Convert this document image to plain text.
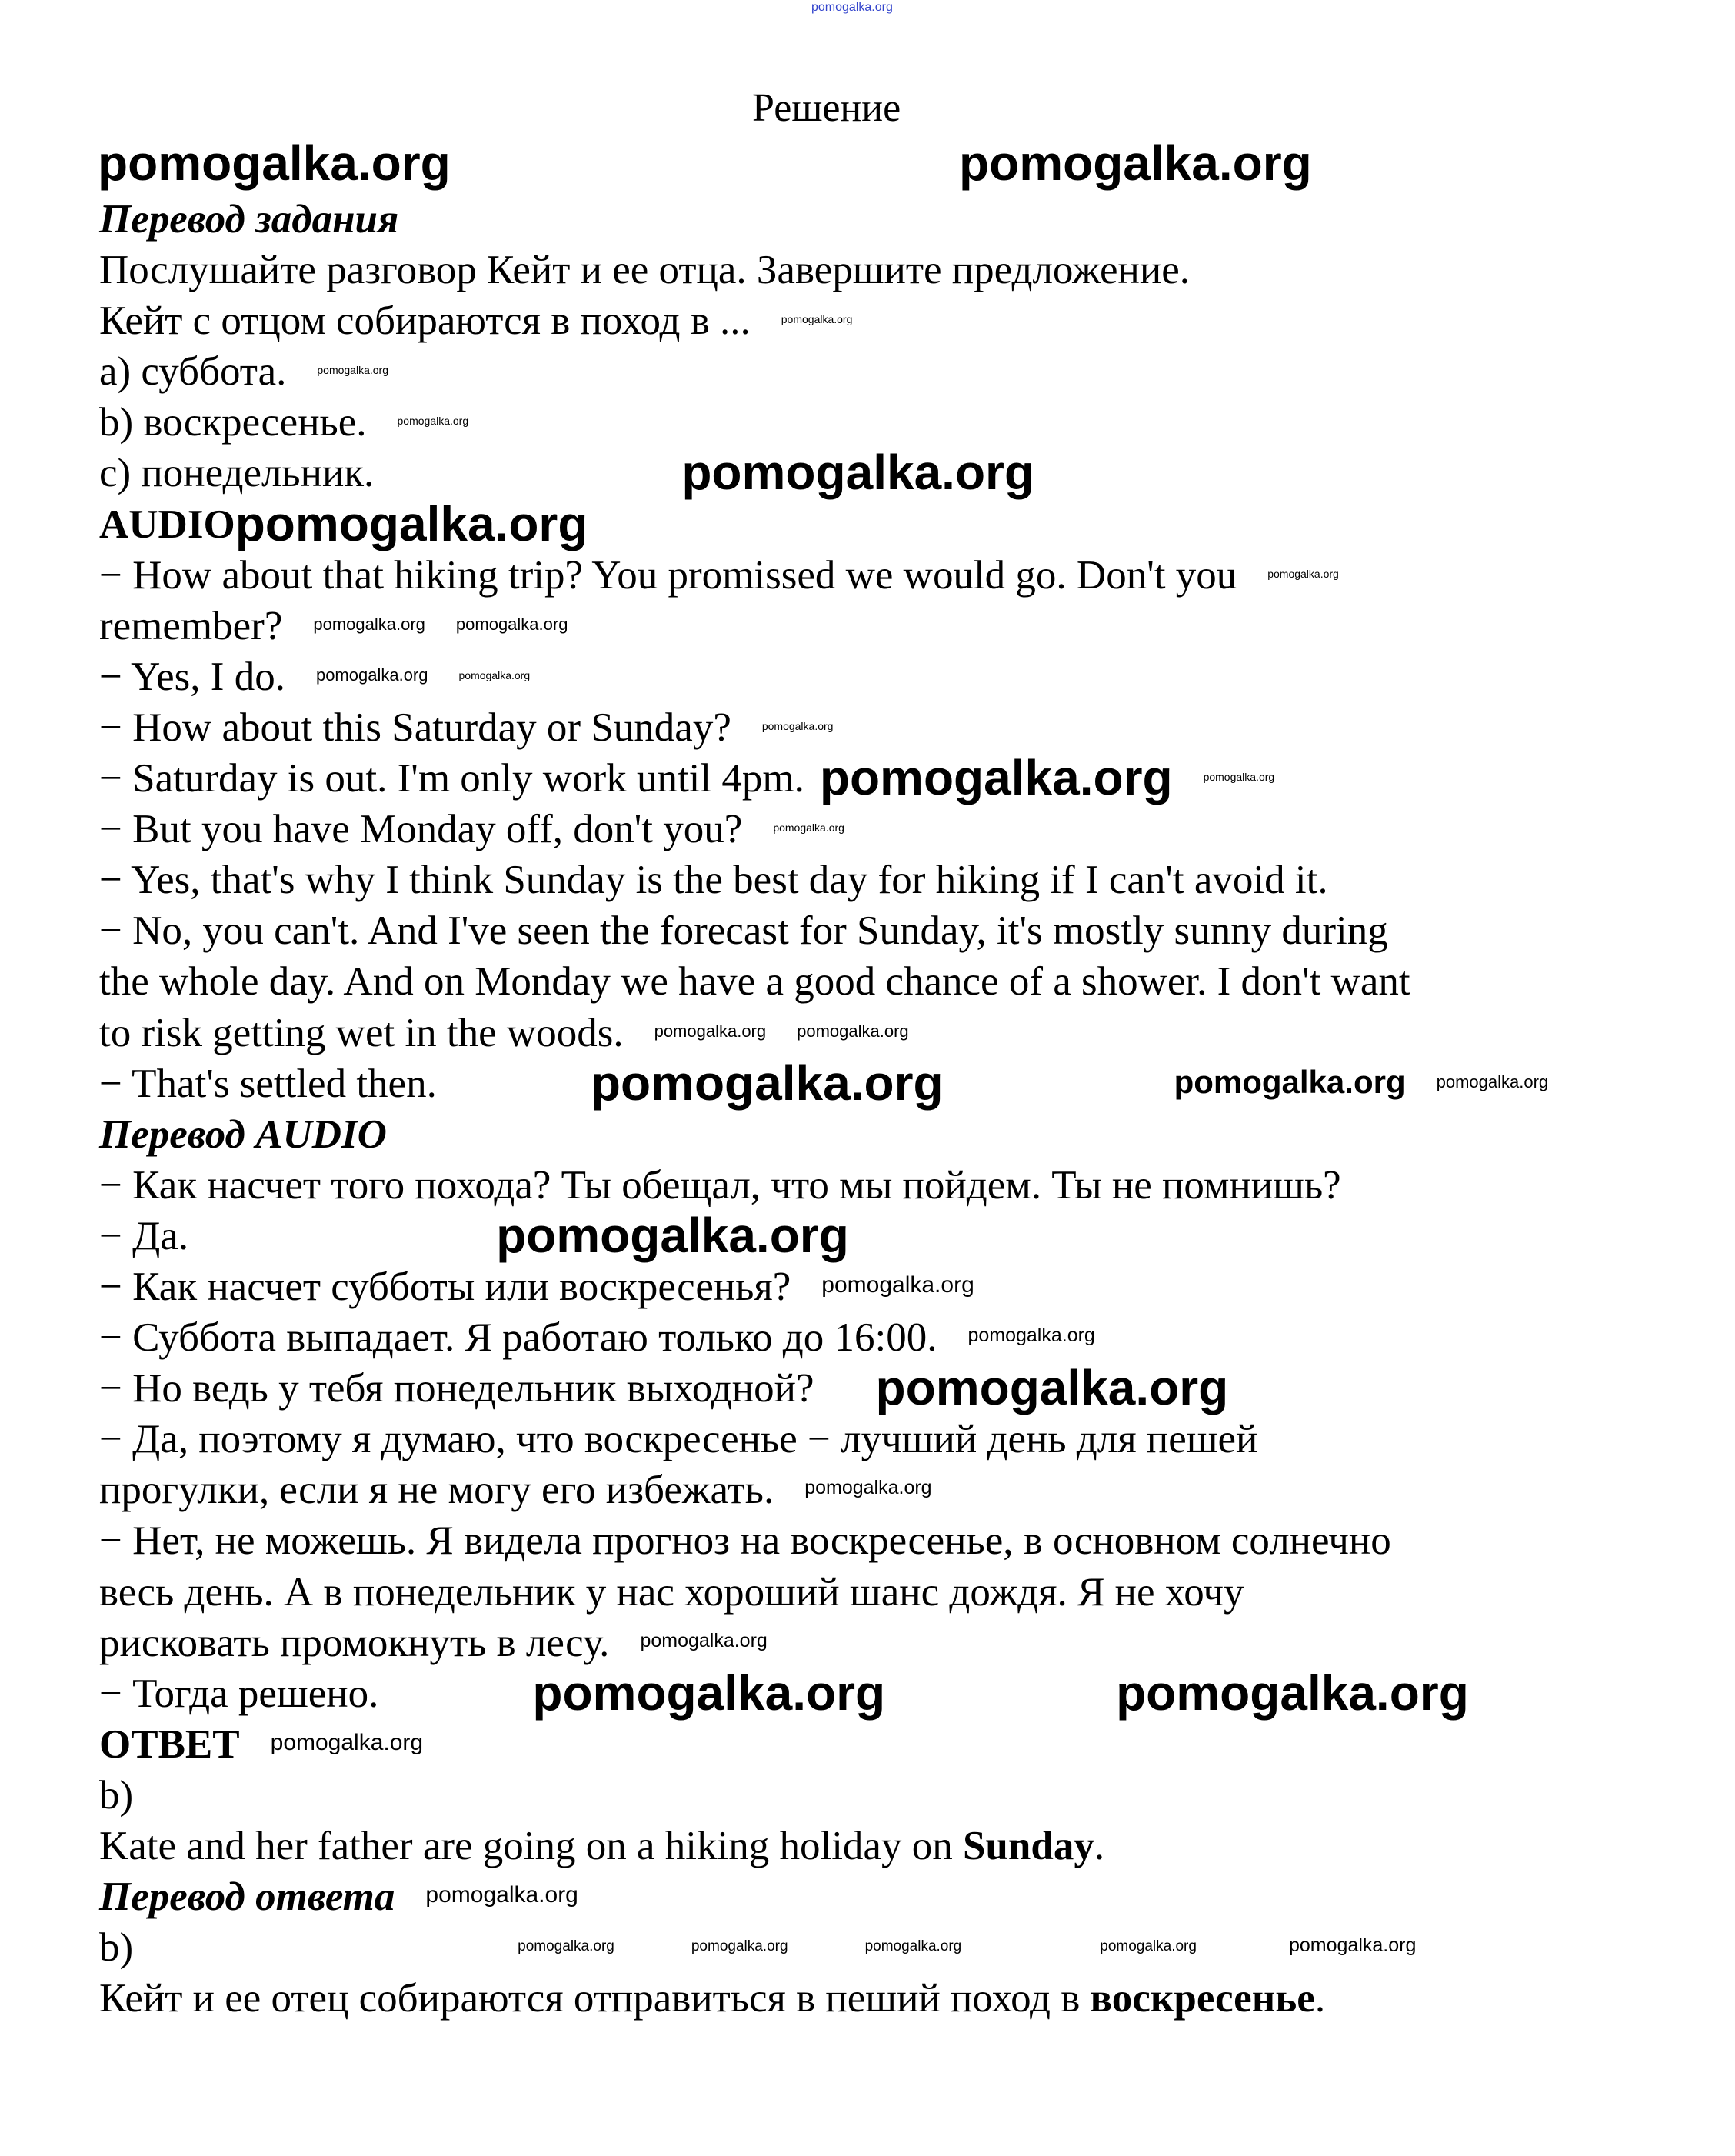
pomogalka.org
Решение
pomogalka.org	pomogalka.org
Перевод задания
Послушайте разговор Кейт и ее отца. Завершите предложение.
Кейт с отцом собираются в поход в ...	pomogalka.org
a) суббота.	pomogalka.org
b) воскресенье.	pomogalka.org
c) понедельник.	pomogalka.org
AUDIOpomogalka.org
− How about that hiking trip? You promissed we would go. Don't you	pomogalka.org
remember? pomogalka.org pomogalka.org
− Yes, I do. pomogalka.org	pomogalka.org
− How about this Saturday or Sunday?	pomogalka.org
− Saturday is out. I'm only work until 4pm. pomogalka.org	pomogalka.org
− But you have Monday off, don't you?	pomogalka.org
− Yes, that's why I think Sunday is the best day for hiking if I can't avoid it.
− No, you can't. And I've seen the forecast for Sunday, it's mostly sunny during
the whole day. And on Monday we have a good chance of a shower. I don't want
to risk getting wet in the woods. pomogalka.org pomogalka.org
− That's settled then.	pomogalka.org	pomogalka.org pomogalka.org
Перевод AUDIO
− Как насчет того похода? Ты обещал, что мы пойдем. Ты не помнишь?
− Да.	pomogalka.org
− Как насчет субботы или воскресенья? pomogalka.org
− Суббота выпадает. Я работаю только до 16:00. pomogalka.org
− Но ведь у тебя понедельник выходной? pomogalka.org
− Да, поэтому я думаю, что воскресенье − лучший день для пешей
прогулки, если я не могу его избежать. pomogalka.org
− Нет, не можешь. Я видела прогноз на воскресенье, в основном солнечно
весь день. А в понедельник у нас хороший шанс дождя. Я не хочу
рисковать промокнуть в лесу. pomogalka.org
− Тогда решено.	pomogalka.org	pomogalka.org
ОТВЕТ pomogalka.org
b)
Kate and her father are going on a hiking holiday on Sunday.
Перевод ответа pomogalka.org
b)	pomogalka.org	pomogalka.org	pomogalka.org	pomogalka.org	pomogalka.org
Кейт и ее отец собираются отправиться в пеший поход в воскресенье.
